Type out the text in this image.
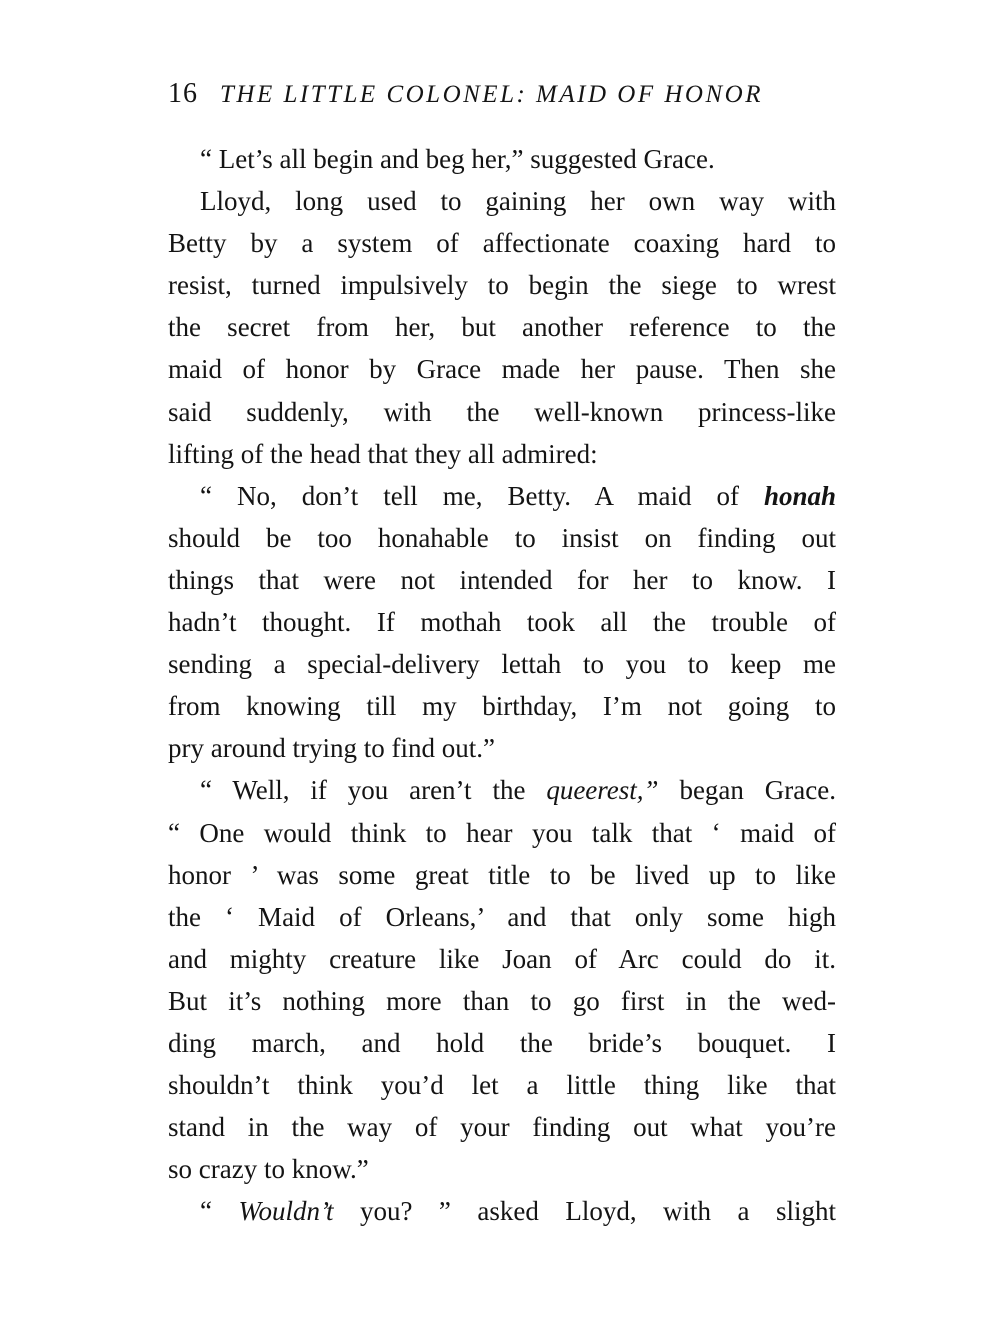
16 THE LITTLE COLONEL: MAID OF HONOR
“ Let’s all begin and beg her,” suggested Grace.
Lloyd, long used to gaining her own way with
Betty by a system of affectionate coaxing hard to
resist, turned impulsively to begin the siege to wrest
the secret from her, but another reference to the
maid of honor by Grace made her pause. Then she
said suddenly, with the well-known princess-like
lifting of the head that they all admired:
“ No, don’t tell me, Betty. A maid of honah
should be too honahable to insist on finding out
things that were not intended for her to know. I
hadn’t thought. If mothah took all the trouble of
sending a special-delivery lettah to you to keep me
from knowing till my birthday, I’m not going to
pry around trying to find out.”
“ Well, if you aren’t the queerest,” began Grace.
“ One would think to hear you talk that ‘ maid of
honor ’ was some great title to be lived up to like
the ‘ Maid of Orleans,’ and that only some high
and mighty creature like Joan of Arc could do it.
But it’s nothing more than to go first in the wed-
ding march, and hold the bride’s bouquet. I
shouldn’t think you’d let a little thing like that
stand in the way of your finding out what you’re
so crazy to know.”
“ Wouldn’t you? ” asked Lloyd, with a slight
